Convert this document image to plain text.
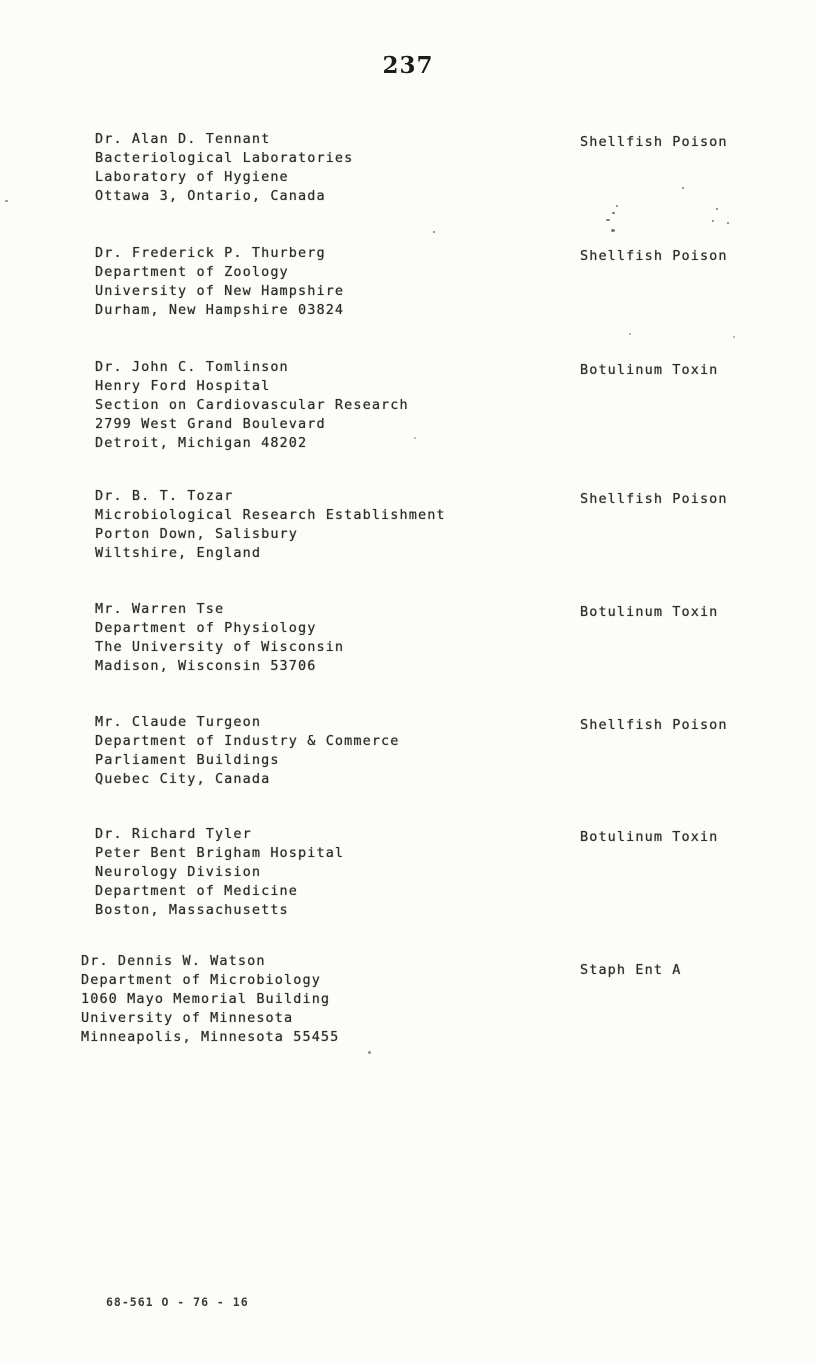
237
Dr. Alan D. Tennant
Bacteriological Laboratories
Laboratory of Hygiene
Ottawa 3, Ontario, Canada
Shellfish Poison
Dr. Frederick P. Thurberg
Department of Zoology
University of New Hampshire
Durham, New Hampshire 03824
Shellfish Poison
Dr. John C. Tomlinson
Henry Ford Hospital
Section on Cardiovascular Research
2799 West Grand Boulevard
Detroit, Michigan 48202
Botulinum Toxin
Dr. B. T. Tozar
Microbiological Research Establishment
Porton Down, Salisbury
Wiltshire, England
Shellfish Poison
Mr. Warren Tse
Department of Physiology
The University of Wisconsin
Madison, Wisconsin 53706
Botulinum Toxin
Mr. Claude Turgeon
Department of Industry & Commerce
Parliament Buildings
Quebec City, Canada
Shellfish Poison
Dr. Richard Tyler
Peter Bent Brigham Hospital
Neurology Division
Department of Medicine
Boston, Massachusetts
Botulinum Toxin
Dr. Dennis W. Watson
Department of Microbiology
1060 Mayo Memorial Building
University of Minnesota
Minneapolis, Minnesota 55455
Staph Ent A
68-561 O - 76 - 16
